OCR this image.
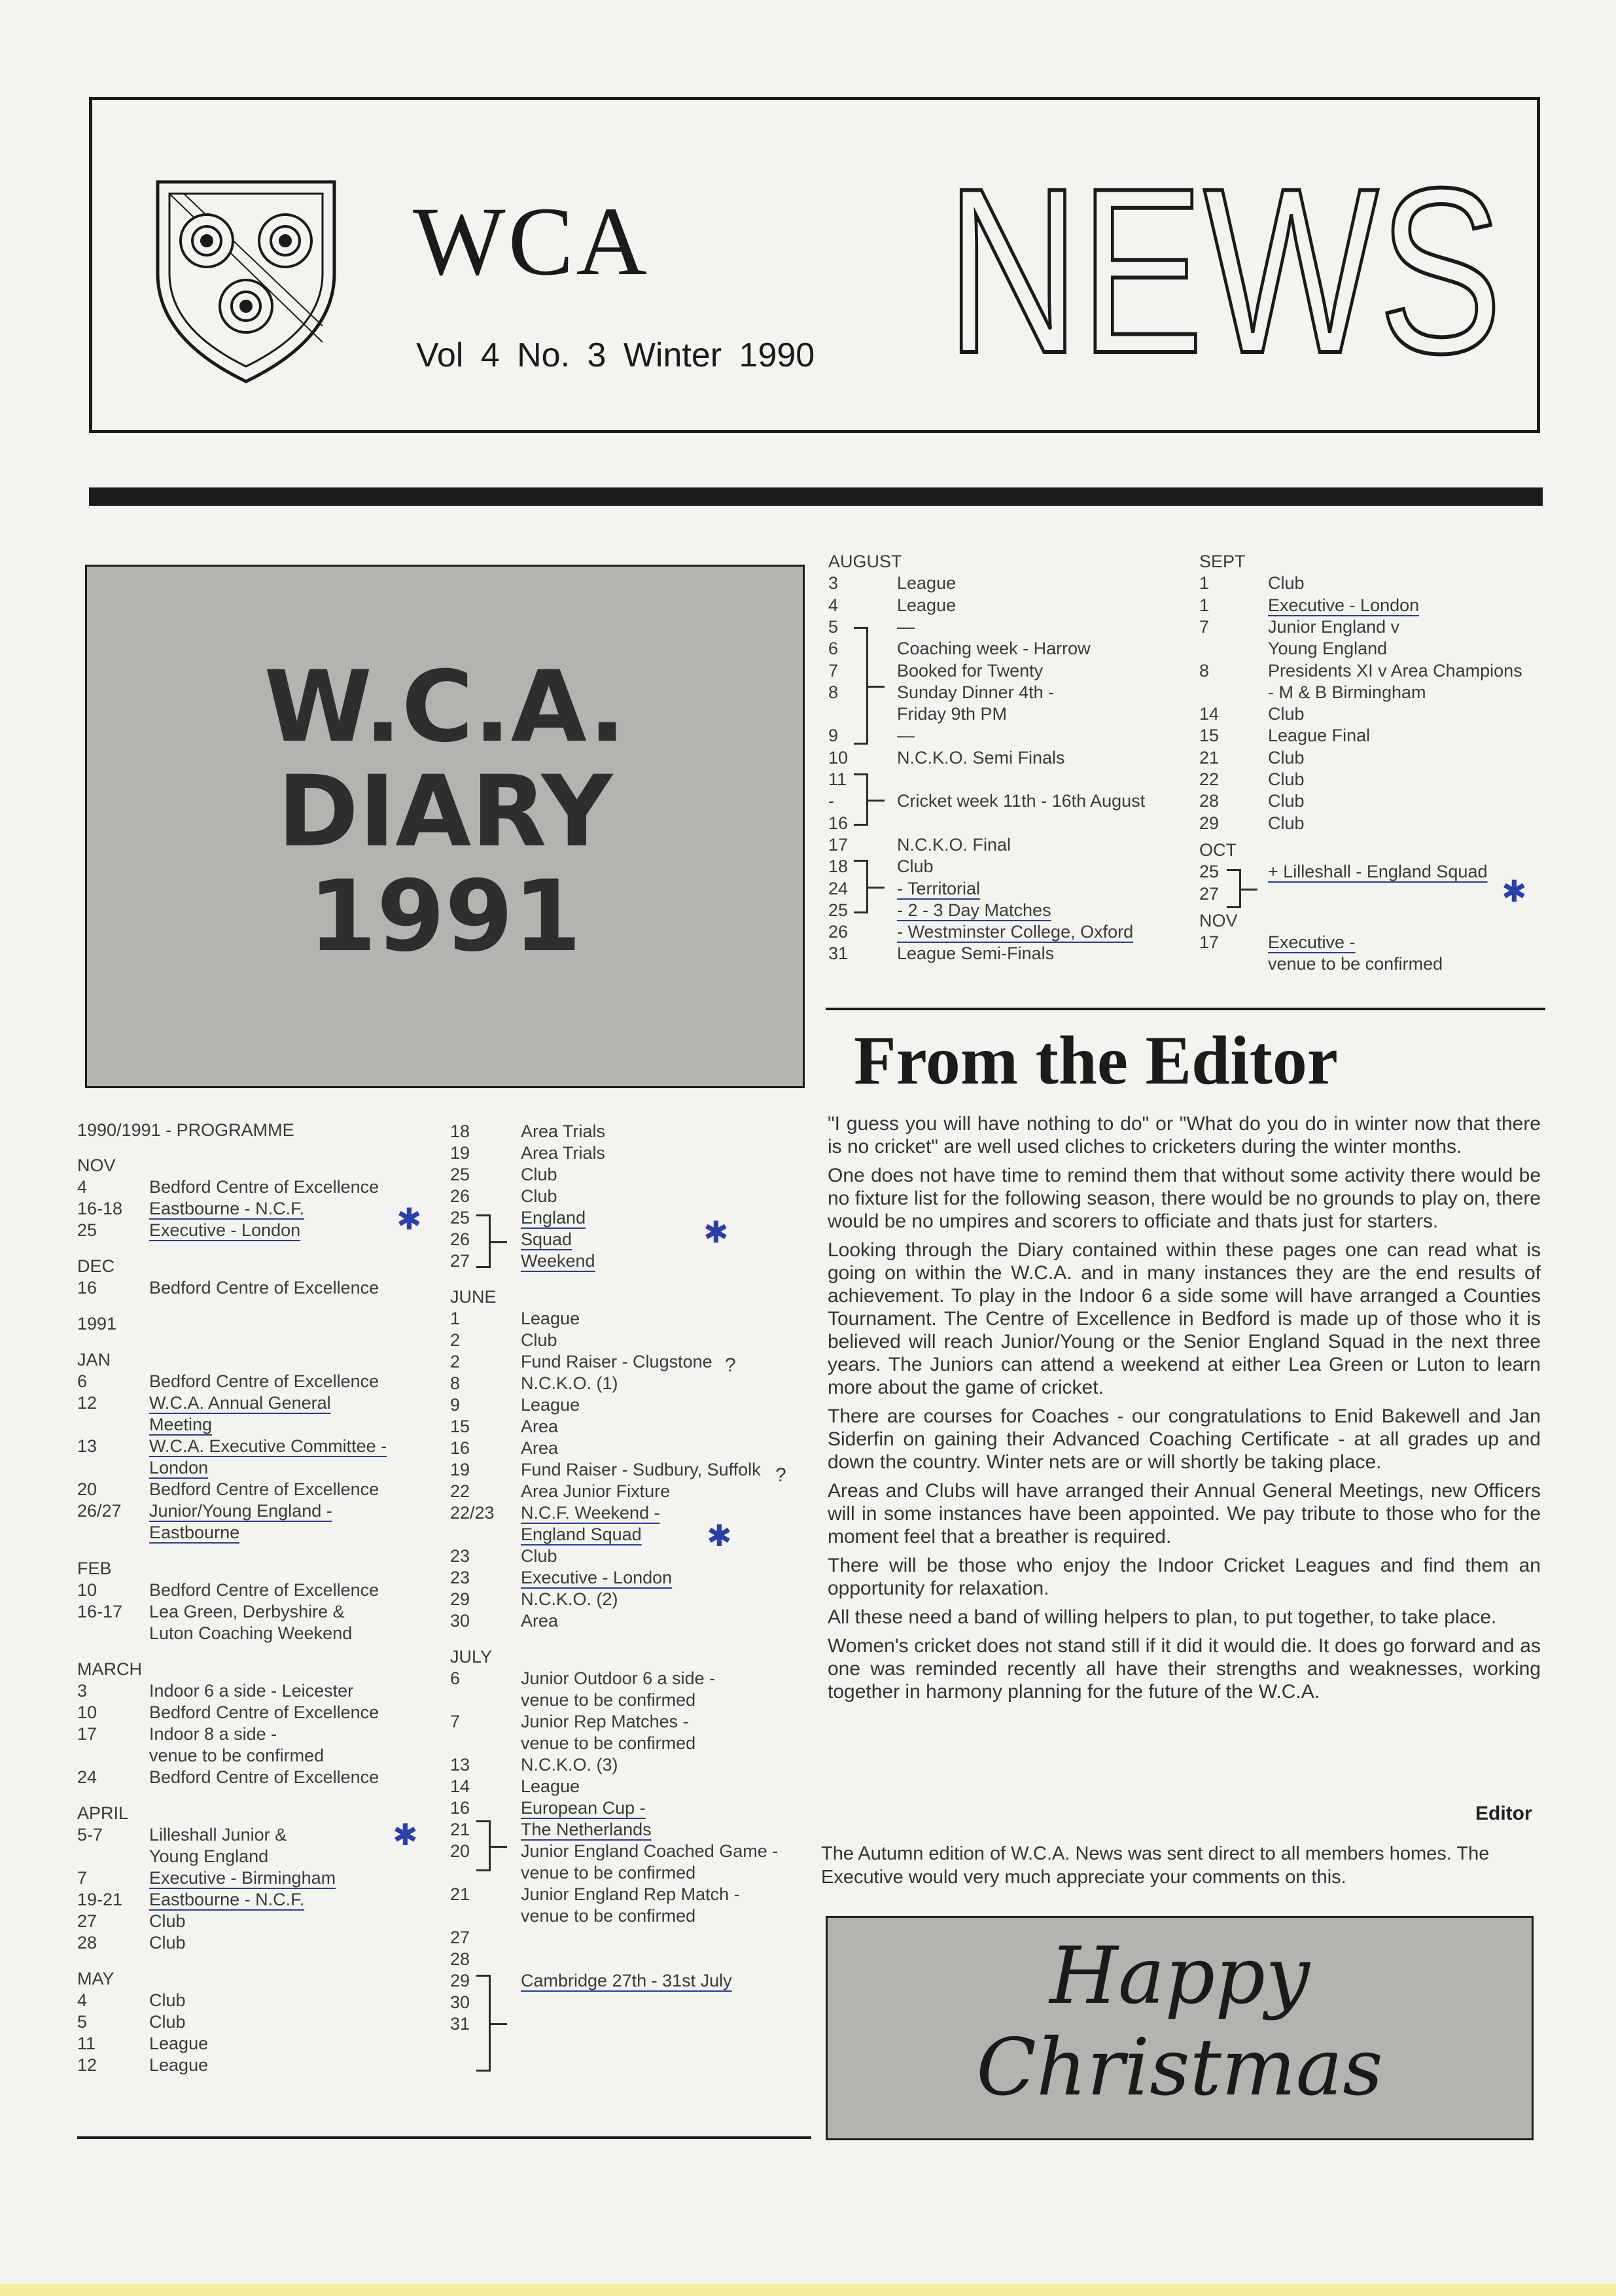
WCA
Vol 4 No. 3 Winter 1990 NEWS
W.C.A.
DIARY
1991
1990/1991 - PROGRAMME
NOV
4	Bedford Centre of Excellence
16-18 Eastbourne - N.C.F.
25	Executive - London
DEC
16	Bedford Centre of Excellence
1991
JAN
6	Bedford Centre of Excellence
12	W.C.A. Annual General
Meeting
13	W.C.A. Executive Committee -
London
20	Bedford Centre of Excellence
26/27 Junior/Young England -
Eastbourne
FEB
10	Bedford Centre of Excellence
16-17 Lea Green, Derbyshire &
Luton Coaching Weekend
MARCH
3	Indoor 6 a side - Leicester
10	Bedford Centre of Excellence
17	Indoor 8 a side -
venue to be confirmed
24	Bedford Centre of Excellence
APRIL
5-7	Lilleshall Junior &
Young England
7	Executive - Birmingham
19-21 Eastbourne - N.C.F.
27	Club
28	Club
MAY
4	Club
5	Club
11	League
12	League
18	Area Trials
19	Area Trials
25	Club
26	Club
25	England
26	Squad
27	Weekend
JUNE
1	League
2	Club
2	Fund Raiser - Clugstone
8	N.C.K.O. (1)
9	League
15	Area
16	Area
19	Fund Raiser - Sudbury, Suffolk
22	Area Junior Fixture
22/23 N.C.F. Weekend -
England Squad
23	Club
23	Executive - London
29	N.C.K.O. (2)
30	Area
JULY
6	Junior Outdoor 6 a side -
venue to be confirmed
7	Junior Rep Matches -
venue to be confirmed
13	N.C.K.O. (3)
14	League
16	European Cup -
21	The Netherlands
20	Junior England Coached Game -
venue to be confirmed
21	Junior England Rep Match -
venue to be confirmed
27
28
29	Cambridge 27th - 31st July
30
31
AUGUST
3	League
4	League
5	—
6	Coaching week - Harrow
7	Booked for Twenty
8	Sunday Dinner 4th -
Friday 9th PM
9	—
10	N.C.K.O. Semi Finals
11
-	Cricket week 11th - 16th August
16
17	N.C.K.O. Final
18	Club
24	- Territorial
25	- 2 - 3 Day Matches
26	- Westminster College, Oxford
31	League Semi-Finals
SEPT
1	Club
1	Executive - London
7	Junior England v
Young England
8	Presidents XI v Area Champions
- M & B Birmingham
14	Club
15	League Final
21	Club
22	Club
28	Club
29	Club
OCT
25	+ Lilleshall - England Squad
27
NOV
17	Executive -
venue to be confirmed
✱	✱
✱
✱
✱
?
?
From the Editor

"I guess you will have nothing to do" or "What do you do in winter now that there is no cricket" are well used cliches to cricketers during the winter months.

One does not have time to remind them that without some activity there would be no fixture list for the following season, there would be no grounds to play on, there would be no umpires and scorers to officiate and thats just for starters.

Looking through the Diary contained within these pages one can read what is going on within the W.C.A. and in many instances they are the end results of achievement. To play in the Indoor 6 a side some will have arranged a Counties Tournament. The Centre of Excellence in Bedford is made up of those who it is believed will reach Junior/Young or the Senior England Squad in the next three years. The Juniors can attend a weekend at either Lea Green or Luton to learn more about the game of cricket.

There are courses for Coaches - our congratulations to Enid Bakewell and Jan Siderfin on gaining their Advanced Coaching Certificate - at all grades up and down the country. Winter nets are or will shortly be taking place.

Areas and Clubs will have arranged their Annual General Meetings, new Officers will in some instances have been appointed. We pay tribute to those who for the moment feel that a breather is required.

There will be those who enjoy the Indoor Cricket Leagues and find them an opportunity for relaxation.

All these need a band of willing helpers to plan, to put together, to take place.

Women's cricket does not stand still if it did it would die. It does go forward and as one was reminded recently all have their strengths and weaknesses, working together in harmony planning for the future of the W.C.A.

Editor
The Autumn edition of W.C.A. News was sent direct to all members homes. The Executive would very much appreciate your comments on this.
Happy
Christmas
